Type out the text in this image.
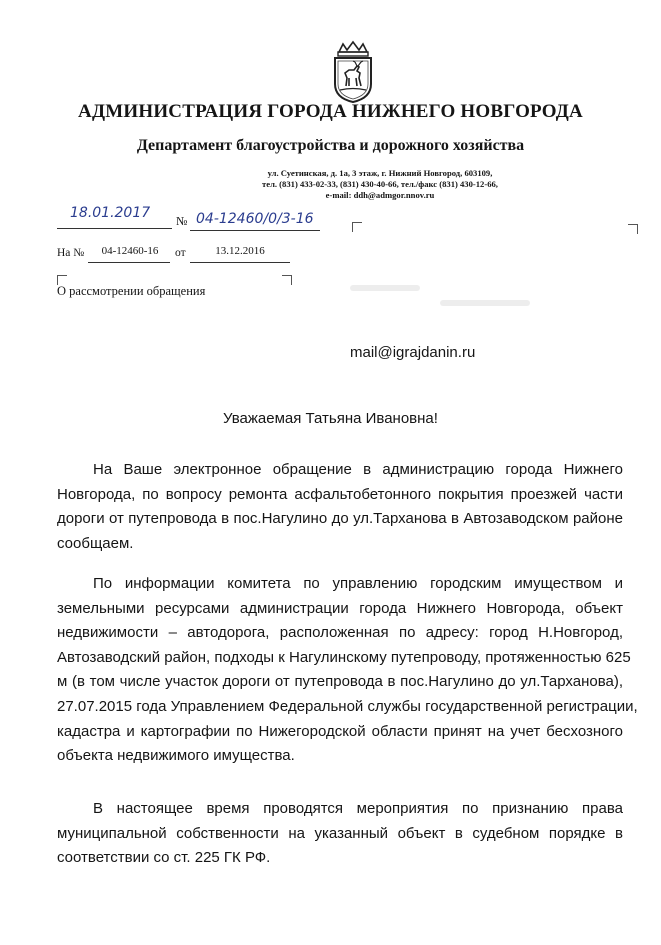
АДМИНИСТРАЦИЯ ГОРОДА НИЖНЕГО НОВГОРОДА
Департамент благоустройства и дорожного хозяйства
ул. Суетинская, д. 1а, 3 этаж, г. Нижний Новгород, 603109,
тел. (831) 433-02-33, (831) 430-40-66, тел./факс (831) 430-12-66,
e-mail: ddh@admgor.nnov.ru
18.01.2017 № 04-12460/0/3-16
На №	04-12460-16	от	13.12.2016
О рассмотрении обращения
mail@igrajdanin.ru
Уважаемая Татьяна Ивановна!
На Ваше электронное обращение в администрацию города Нижнего
Новгорода, по вопросу ремонта асфальтобетонного покрытия проезжей части
дороги от путепровода в пос.Нагулино до ул.Тарханова в Автозаводском районе
сообщаем.
По информации комитета по управлению городским имуществом и
земельными ресурсами администрации города Нижнего Новгорода, объект
недвижимости – автодорога, расположенная по адресу: город Н.Новгород,
Автозаводский район, подходы к Нагулинскому путепроводу, протяженностью 625
м (в том числе участок дороги от путепровода в пос.Нагулино до ул.Тарханова),
27.07.2015 года Управлением Федеральной службы государственной регистрации,
кадастра и картографии по Нижегородской области принят на учет бесхозного
объекта недвижимого имущества.
В настоящее время проводятся мероприятия по признанию права
муниципальной собственности на указанный объект в судебном порядке в
соответствии со ст. 225 ГК РФ.
